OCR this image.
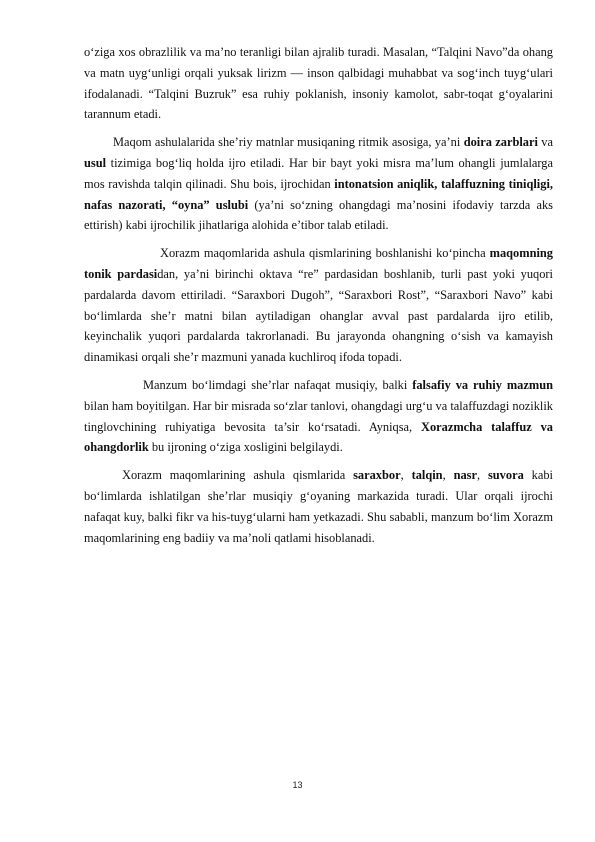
o‘ziga xos obrazlilik va ma’no teranligi bilan ajralib turadi. Masalan, “Talqini Navo”da ohang va matn uyg‘unligi orqali yuksak lirizm — inson qalbidagi muhabbat va sog‘inch tuyg‘ulari ifodalanadi. “Talqini Buzruk” esa ruhiy poklanish, insoniy kamolot, sabr-toqat g‘oyalarini tarannum etadi.

Maqom ashulalarida she’riy matnlar musiqaning ritmik asosiga, ya’ni doira zarblari va usul tizimiga bog‘liq holda ijro etiladi. Har bir bayt yoki misra ma’lum ohangli jumlalarga mos ravishda talqin qilinadi. Shu bois, ijrochidan intonatsion aniqlik, talaffuzning tiniqligi, nafas nazorati, “oyna” uslubi (ya’ni so‘zning ohangdagi ma’nosini ifodaviy tarzda aks ettirish) kabi ijrochilik jihatlariga alohida e’tibor talab etiladi.

Xorazm maqomlarida ashula qismlarining boshlanishi ko‘pincha maqomning tonik pardasidan, ya’ni birinchi oktava “re” pardasidan boshlanib, turli past yoki yuqori pardalarda davom ettiriladi. “Saraxbori Dugoh”, “Saraxbori Rost”, “Saraxbori Navo” kabi bo‘limlarda she’r matni bilan aytiladigan ohanglar avval past pardalarda ijro etilib, keyinchalik yuqori pardalarda takrorlanadi. Bu jarayonda ohangning o‘sish va kamayish dinamikasi orqali she’r mazmuni yanada kuchliroq ifoda topadi.

Manzum bo‘limdagi she’rlar nafaqat musiqiy, balki falsafiy va ruhiy mazmun bilan ham boyitilgan. Har bir misrada so‘zlar tanlovi, ohangdagi urg‘u va talaffuzdagi noziklik tinglovchining ruhiyatiga bevosita ta’sir ko‘rsatadi. Ayniqsa, Xorazmcha talaffuz va ohangdorlik bu ijroning o‘ziga xosligini belgilaydi.

Xorazm maqomlarining ashula qismlarida saraxbor, talqin, nasr, suvora kabi bo‘limlarda ishlatilgan she’rlar musiqiy g‘oyaning markazida turadi. Ular orqali ijrochi nafaqat kuy, balki fikr va his-tuyg‘ularni ham yetkazadi. Shu sababli, manzum bo‘lim Xorazm maqomlarining eng badiiy va ma’noli qatlami hisoblanadi.

13
